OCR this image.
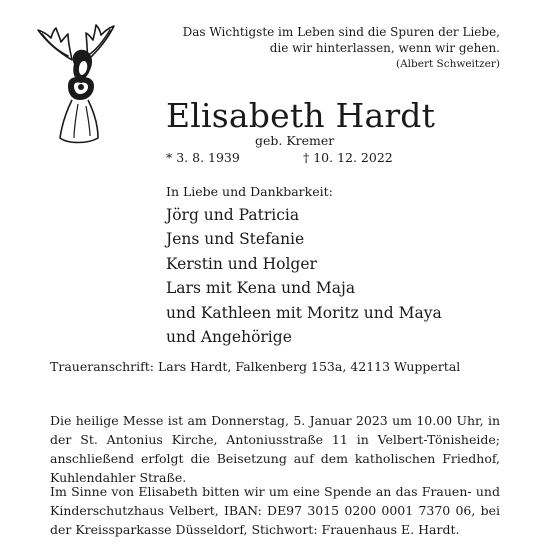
Das Wichtigste im Leben sind die Spuren der Liebe,
die wir hinterlassen, wenn wir gehen.
(Albert Schweitzer)
Elisabeth Hardt
geb. Kremer
* 3. 8. 1939	† 10. 12. 2022
In Liebe und Dankbarkeit:
Jörg und Patricia
Jens und Stefanie
Kerstin und Holger
Lars mit Kena und Maja
und Kathleen mit Moritz und Maya
und Angehörige
Traueranschrift: Lars Hardt, Falkenberg 153a, 42113 Wuppertal
Die heilige Messe ist am Donnerstag, 5. Januar 2023 um 10.00 Uhr, in der St. Antonius Kirche, Antoniusstraße 11 in Velbert-Tönisheide; anschließend erfolgt die Beisetzung auf dem katholischen Friedhof, Kuhlendahler Straße.
Im Sinne von Elisabeth bitten wir um eine Spende an das Frauen- und Kinderschutzhaus Velbert, IBAN: DE97 3015 0200 0001 7370 06, bei der Kreissparkasse Düsseldorf, Stichwort: Frauenhaus E. Hardt.
